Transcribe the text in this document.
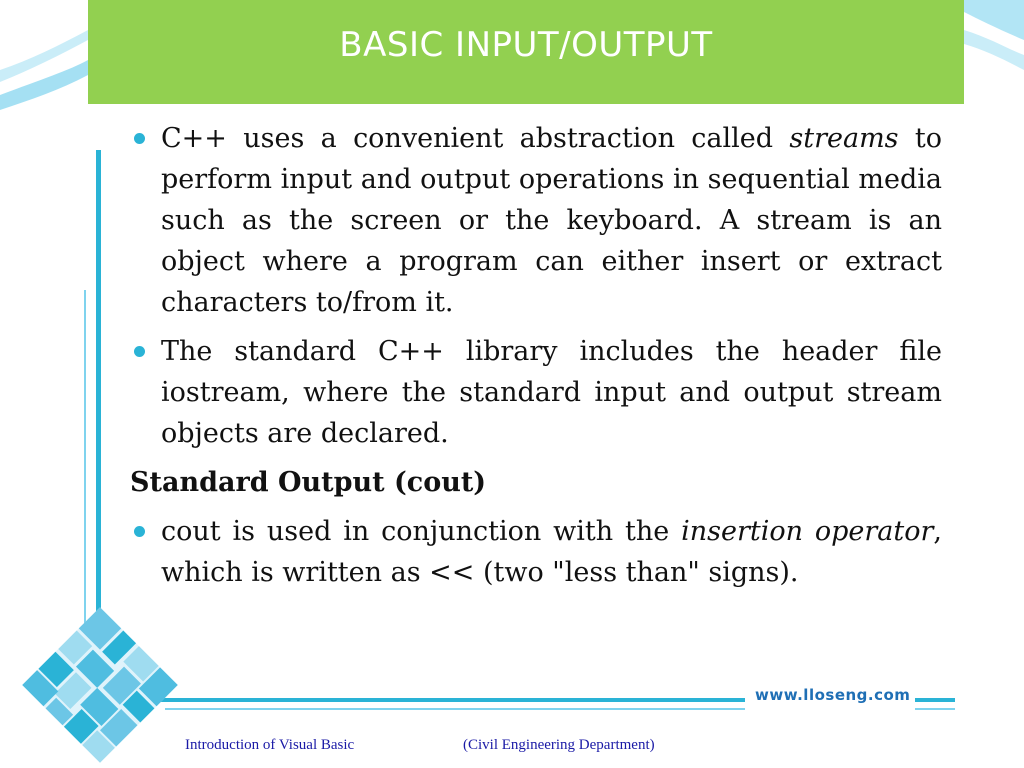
BASIC INPUT/OUTPUT
C++ uses a convenient abstraction called streams to perform input and output operations in sequential media such as the screen or the keyboard. A stream is an object where a program can either insert or extract characters to/from it.
The standard C++ library includes the header file iostream, where the standard input and output stream objects are declared.
Standard Output (cout)
cout is used in conjunction with the insertion operator, which is written as << (two "less than" signs).
www.lloseng.com
Introduction of Visual Basic	(Civil Engineering Department)
